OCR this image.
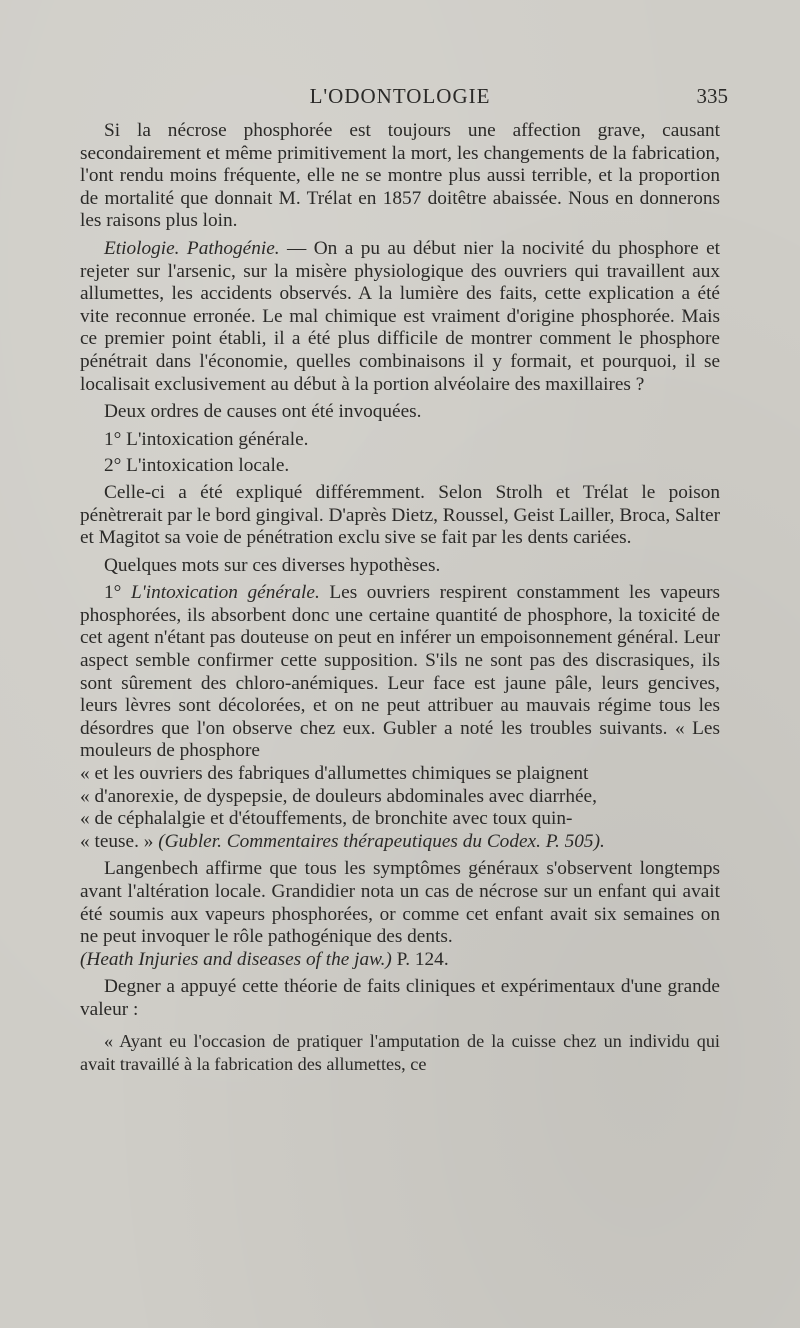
L'ODONTOLOGIE	335

Si la nécrose phosphorée est toujours une affection grave, causant secondairement et même primitivement la mort, les changements de la fabrication, l'ont rendu moins fréquente, elle ne se montre plus aussi terrible, et la proportion de mortalité que donnait M. Trélat en 1857 doitêtre abaissée. Nous en donnerons les raisons plus loin.

Etiologie. Pathogénie. — On a pu au début nier la nocivité du phosphore et rejeter sur l'arsenic, sur la misère physiologique des ouvriers qui travaillent aux allumettes, les accidents observés. A la lumière des faits, cette explication a été vite reconnue erronée. Le mal chimique est vraiment d'origine phosphorée. Mais ce premier point établi, il a été plus difficile de montrer comment le phosphore pénétrait dans l'économie, quelles combinaisons il y formait, et pourquoi, il se localisait exclusivement au début à la portion alvéolaire des maxillaires ?

Deux ordres de causes ont été invoquées.

1° L'intoxication générale.

2° L'intoxication locale.

Celle-ci a été expliqué différemment. Selon Strolh et Trélat le poison pénètrerait par le bord gingival. D'après Dietz, Roussel, Geist Lailler, Broca, Salter et Magitot sa voie de pénétration exclu sive se fait par les dents cariées.

Quelques mots sur ces diverses hypothèses.

1° L'intoxication générale. Les ouvriers respirent constamment les vapeurs phosphorées, ils absorbent donc une certaine quantité de phosphore, la toxicité de cet agent n'étant pas douteuse on peut en inférer un empoisonnement général. Leur aspect semble confirmer cette supposition. S'ils ne sont pas des discrasiques, ils sont sûrement des chloro-anémiques. Leur face est jaune pâle, leurs gencives, leurs lèvres sont décolorées, et on ne peut attribuer au mauvais régime tous les désordres que l'on observe chez eux. Gubler a noté les troubles suivants. « Les mouleurs de phosphore
« et les ouvriers des fabriques d'allumettes chimiques se plaignent
« d'anorexie, de dyspepsie, de douleurs abdominales avec diarrhée,
« de céphalalgie et d'étouffements, de bronchite avec toux quin-
« teuse. » (Gubler. Commentaires thérapeutiques du Codex. P. 505).

Langenbech affirme que tous les symptômes généraux s'observent longtemps avant l'altération locale. Grandidier nota un cas de nécrose sur un enfant qui avait été soumis aux vapeurs phosphorées, or comme cet enfant avait six semaines on ne peut invoquer le rôle pathogénique des dents.
(Heath Injuries and diseases of the jaw.) P. 124.

Degner a appuyé cette théorie de faits cliniques et expérimentaux d'une grande valeur :

« Ayant eu l'occasion de pratiquer l'amputation de la cuisse chez un individu qui avait travaillé à la fabrication des allumettes, ce
